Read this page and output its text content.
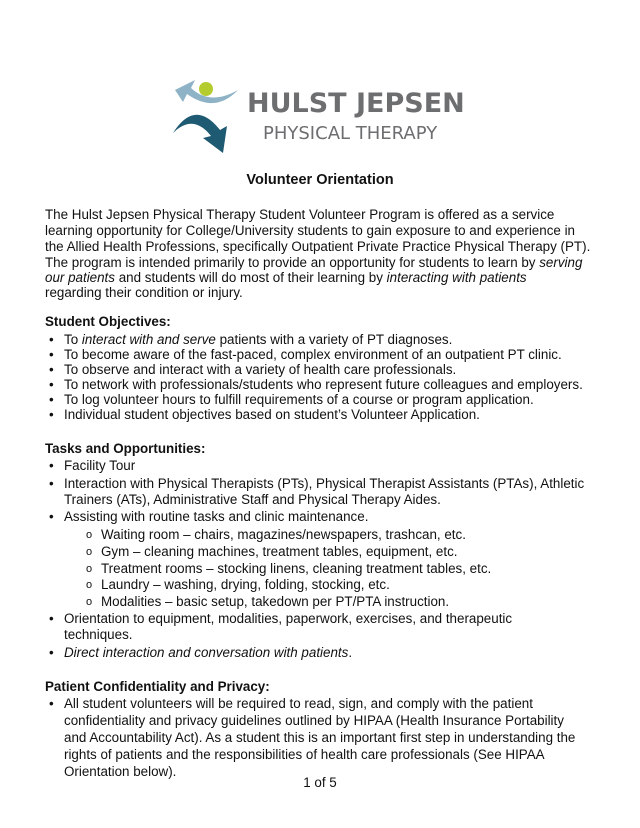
HULST JEPSEN
PHYSICAL THERAPY
Volunteer Orientation
The Hulst Jepsen Physical Therapy Student Volunteer Program is offered as a service
learning opportunity for College/University students to gain exposure to and experience in
the Allied Health Professions, specifically Outpatient Private Practice Physical Therapy (PT).
The program is intended primarily to provide an opportunity for students to learn by serving
our patients and students will do most of their learning by interacting with patients
regarding their condition or injury.
Student Objectives:
• To interact with and serve patients with a variety of PT diagnoses.
• To become aware of the fast-paced, complex environment of an outpatient PT clinic.
• To observe and interact with a variety of health care professionals.
• To network with professionals/students who represent future colleagues and employers.
• To log volunteer hours to fulfill requirements of a course or program application.
• Individual student objectives based on student’s Volunteer Application.
Tasks and Opportunities:
• Facility Tour
• Interaction with Physical Therapists (PTs), Physical Therapist Assistants (PTAs), Athletic
Trainers (ATs), Administrative Staff and Physical Therapy Aides.
• Assisting with routine tasks and clinic maintenance.
o Waiting room – chairs, magazines/newspapers, trashcan, etc.
o Gym – cleaning machines, treatment tables, equipment, etc.
o Treatment rooms – stocking linens, cleaning treatment tables, etc.
o Laundry – washing, drying, folding, stocking, etc.
o Modalities – basic setup, takedown per PT/PTA instruction.
• Orientation to equipment, modalities, paperwork, exercises, and therapeutic
techniques.
• Direct interaction and conversation with patients.
Patient Confidentiality and Privacy:
• All student volunteers will be required to read, sign, and comply with the patient
confidentiality and privacy guidelines outlined by HIPAA (Health Insurance Portability
and Accountability Act). As a student this is an important first step in understanding the
rights of patients and the responsibilities of health care professionals (See HIPAA
Orientation below).
1 of 5
